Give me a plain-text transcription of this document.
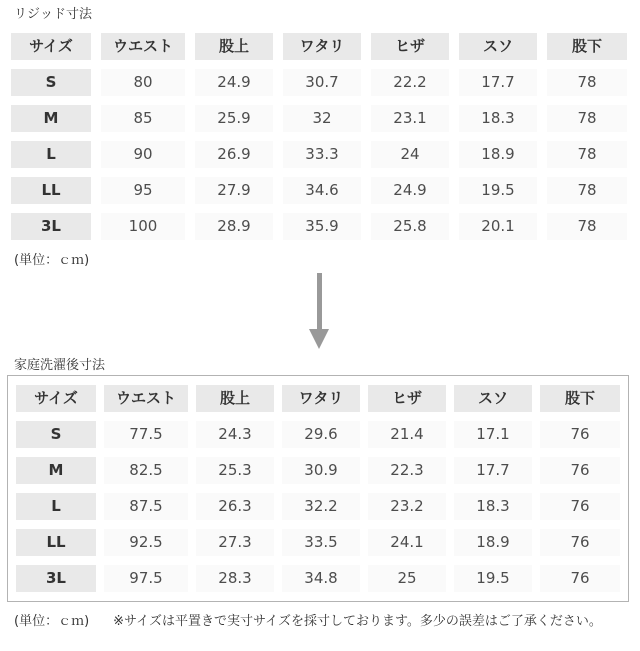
リジッド寸法
サイズ	ウエスト	股上	ワタリ	ヒザ	スソ	股下
S	80	24.9	30.7	22.2	17.7	78
M	85	25.9	32	23.1	18.3	78
L	90	26.9	33.3	24	18.9	78
LL	95	27.9	34.6	24.9	19.5	78
3L	100	28.9	35.9	25.8	20.1	78
(単位：ｃｍ)
家庭洗濯後寸法
サイズ	ウエスト	股上	ワタリ	ヒザ	スソ	股下
S	77.5	24.3	29.6	21.4	17.1	76
M	82.5	25.3	30.9	22.3	17.7	76
L	87.5	26.3	32.2	23.2	18.3	76
LL	92.5	27.3	33.5	24.1	18.9	76
3L	97.5	28.3	34.8	25	19.5	76
(単位：ｃｍ) ※サイズは平置きで実寸サイズを採寸しております。多少の誤差はご了承ください。
